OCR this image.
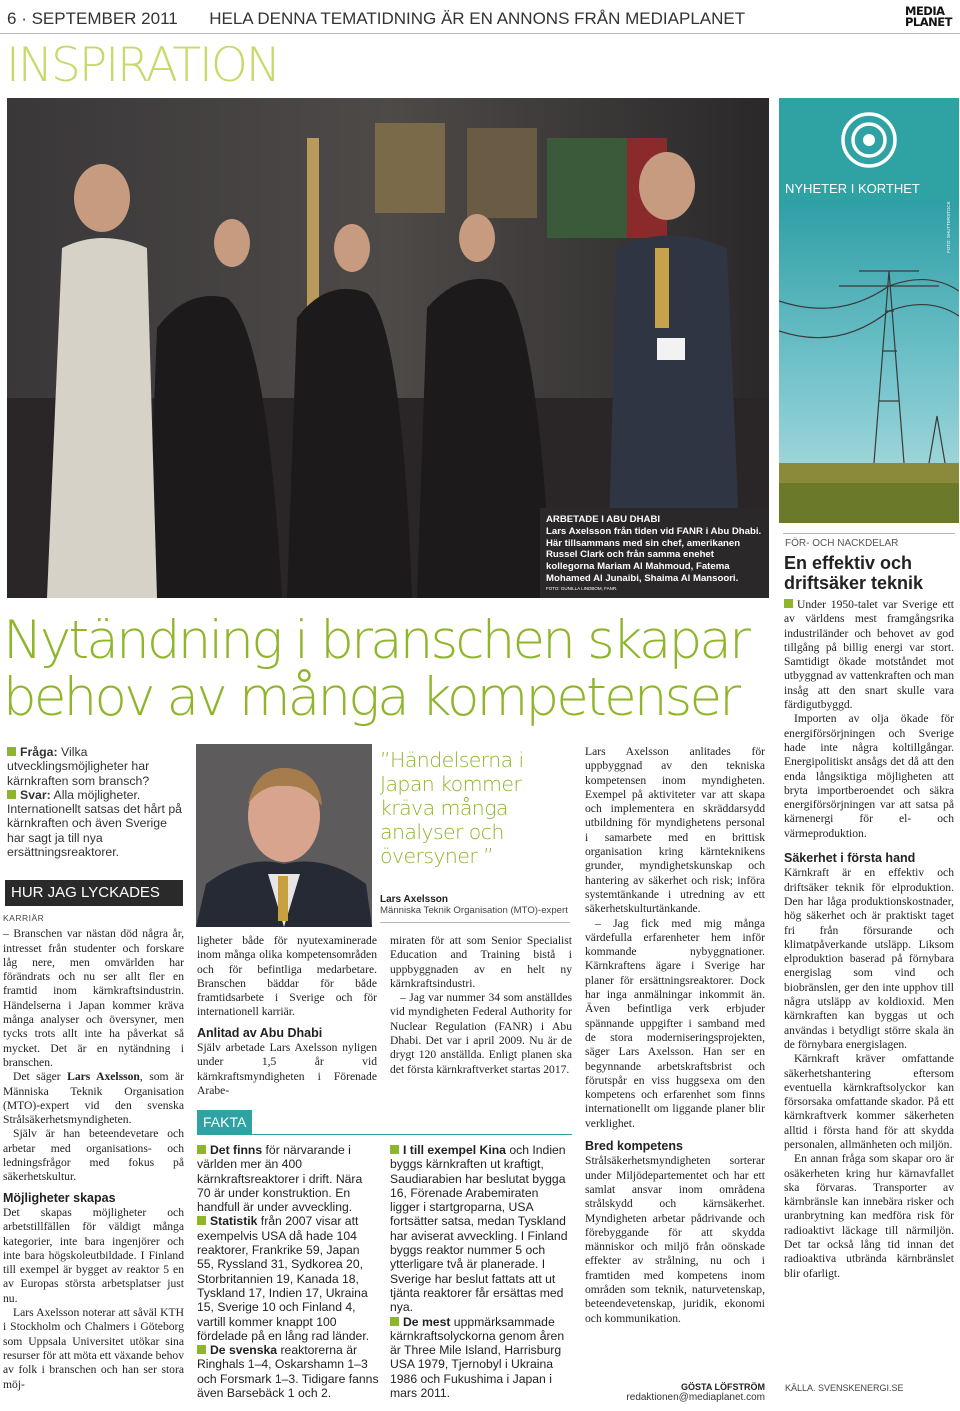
6 · SEPTEMBER 2011 HELA DENNA TEMATIDNING ÄR EN ANNONS FRÅN MEDIAPLANET	MEDIA
PLANET
INSPIRATION
ARBETADE I ABU DHABI
Lars Axelsson från tiden vid FANR i Abu Dhabi. Här tillsammans med sin chef, amerikanen Russel Clark och från samma enehet kollegorna Mariam Al Mahmoud, Fatema Mohamed Al Junaibi, Shaima Al Mansoori.
FOTO: GUNILLA LINDBOM, FANR.
NYHETER I KORTHET
FOTO: SHUTTERSTOCK
Nytändning i branschen skapar
behov av många kompetenser
Fråga: Vilka utvecklingsmöjligheter har kärnkraften som bransch?
Svar: Alla möjligheter. Internationellt satsas det hårt på kärnkraften och även Sverige har sagt ja till nya ersättningsreaktorer.
HUR JAG LYCKADES
KARRIÄR

– Branschen var nästan död några år, intresset från studenter och forskare låg nere, men omvärlden har förändrats och nu ser allt fler en framtid inom kärnkraftsindustrin. Händelserna i Japan kommer kräva många analyser och översyner, men tycks trots allt inte ha påverkat så mycket. Det är en nytändning i branschen.

Det säger Lars Axelsson, som är Människa Teknik Organisation (MTO)-expert vid den svenska Strålsäkerhetsmyndigheten.

Själv är han beteendevetare och arbetar med organisations- och ledningsfrågor med fokus på säkerhetskultur.

Möjligheter skapas

Det skapas möjligheter och arbetstillfällen för väldigt många kategorier, inte bara ingenjörer och inte bara högskoleutbildade. I Finland till exempel är bygget av reaktor 5 en av Europas största arbetsplatser just nu.

Lars Axelsson noterar att såväl KTH i Stockholm och Chalmers i Göteborg som Uppsala Universitet utökar sina resurser för att möta ett växande behov av folk i branschen och han ser stora möj-

ligheter både för nyutexaminerade inom många olika kompetensområden och för befintliga medarbetare. Branschen bäddar för både framtidsarbete i Sverige och för internationell karriär.

Anlitad av Abu Dhabi

Själv arbetade Lars Axelsson nyligen under 1,5 år vid kärnkraftsmyndigheten i Förenade Arabe-

”Händelserna i Japan kommer kräva många analyser och översyner ”
Lars Axelsson
Människa Teknik Organisation (MTO)-expert

miraten för att som Senior Specialist Education and Training bistå i uppbyggnaden av en helt ny kärnkraftsindustri.

– Jag var nummer 34 som anställdes vid myndigheten Federal Authority for Nuclear Regulation (FANR) i Abu Dhabi. Det var i april 2009. Nu är de drygt 120 anställda. Enligt planen ska det första kärnkraftverket startas 2017.

Lars Axelsson anlitades för uppbyggnad av den tekniska kompetensen inom myndigheten. Exempel på aktiviteter var att skapa och implementera en skräddarsydd utbildning för myndighetens personal i samarbete med en brittisk organisation kring kärnteknikens grunder, myndighetskunskap och hantering av säkerhet och risk; införa systemtänkande i utredning av ett säkerhetskulturtänkande.

– Jag fick med mig många värdefulla erfarenheter hem inför kommande nybyggnationer. Kärnkraftens ägare i Sverige har planer för ersättningsreaktorer. Dock har inga anmälningar inkommit än. Även befintliga verk erbjuder spännande uppgifter i samband med de stora moderniseringsprojekten, säger Lars Axelsson. Han ser en begynnande arbetskraftsbrist och förutspår en viss huggsexa om den kompetens och erfarenhet som finns internationellt om liggande planer blir verklighet.

Bred kompetens

Strålsäkerhetsmyndigheten sorterar under Miljödepartementet och har ett samlat ansvar inom områdena strålskydd och kärnsäkerhet. Myndigheten arbetar pådrivande och förebyggande för att skydda människor och miljö från oönskade effekter av strålning, nu och i framtiden med kompetens inom områden som teknik, naturvetenskap, beteendevetenskap, juridik, ekonomi och kommunikation.

GÖSTA LÖFSTRÖM
redaktionen@mediaplanet.com
FAKTA
Det finns för närvarande i världen mer än 400 kärnkraftsreaktorer i drift. Nära 70 är under konstruktion. En handfull är under avveckling.
Statistik från 2007 visar att exempelvis USA då hade 104 reaktorer, Frankrike 59, Japan 55, Ryssland 31, Sydkorea 20, Storbritannien 19, Kanada 18, Tyskland 17, Indien 17, Ukraina 15, Sverige 10 och Finland 4, vartill kommer knappt 100 fördelade på en lång rad länder.
De svenska reaktorerna är Ringhals 1–4, Oskarshamn 1–3 och Forsmark 1–3. Tidigare fanns även Barsebäck 1 och 2.
I till exempel Kina och Indien byggs kärnkraften ut kraftigt, Saudiarabien har beslutat bygga 16, Förenade Arabemiraten ligger i startgroparna, USA fortsätter satsa, medan Tyskland har aviserat avveckling. I Finland byggs reaktor nummer 5 och ytterligare två är planerade. I Sverige har beslut fattats att ut tjänta reaktorer får ersättas med nya.
De mest uppmärksammade kärnkraftsolyckorna genom åren är Three Mile Island, Harrisburg USA 1979, Tjernobyl i Ukraina 1986 och Fukushima i Japan i mars 2011.
FÖR- OCH NACKDELAR
En effektiv och driftsäker teknik

Under 1950-talet var Sverige ett av världens mest framgångsrika industriländer och behovet av god tillgång på billig energi var stort. Samtidigt ökade motståndet mot utbyggnad av vattenkraften och man insåg att den snart skulle vara färdigutbyggd.

Importen av olja ökade för energiförsörjningen och Sverige hade inte några koltillgångar. Energipolitiskt ansågs det då att den enda långsiktiga möjligheten att bryta importberoendet och säkra energiförsörjningen var att satsa på kärnenergi för el- och värmeproduktion.

Säkerhet i första hand

Kärnkraft är en effektiv och driftsäker teknik för elproduktion. Den har låga produktionskostnader, hög säkerhet och är praktiskt taget fri från försurande och klimatpåverkande utsläpp. Liksom elproduktion baserad på förnybara energislag som vind och biobränslen, ger den inte upphov till några utsläpp av koldioxid. Men kärnkraften kan byggas ut och användas i betydligt större skala än de förnybara energislagen.

Kärnkraft kräver omfattande säkerhetshantering eftersom eventuella kärnkraftsolyckor kan försorsaka omfattande skador. På ett kärnkraftverk kommer säkerheten alltid i första hand för att skydda personalen, allmänheten och miljön.

En annan fråga som skapar oro är osäkerheten kring hur kärnavfallet ska förvaras. Transporter av kärnbränsle kan innebära risker och uranbrytning kan medföra risk för radioaktivt läckage till närmiljön. Det tar också lång tid innan det radioaktiva utbrända kärnbränslet blir ofarligt.

KÄLLA. SVENSKENERGI.SE
